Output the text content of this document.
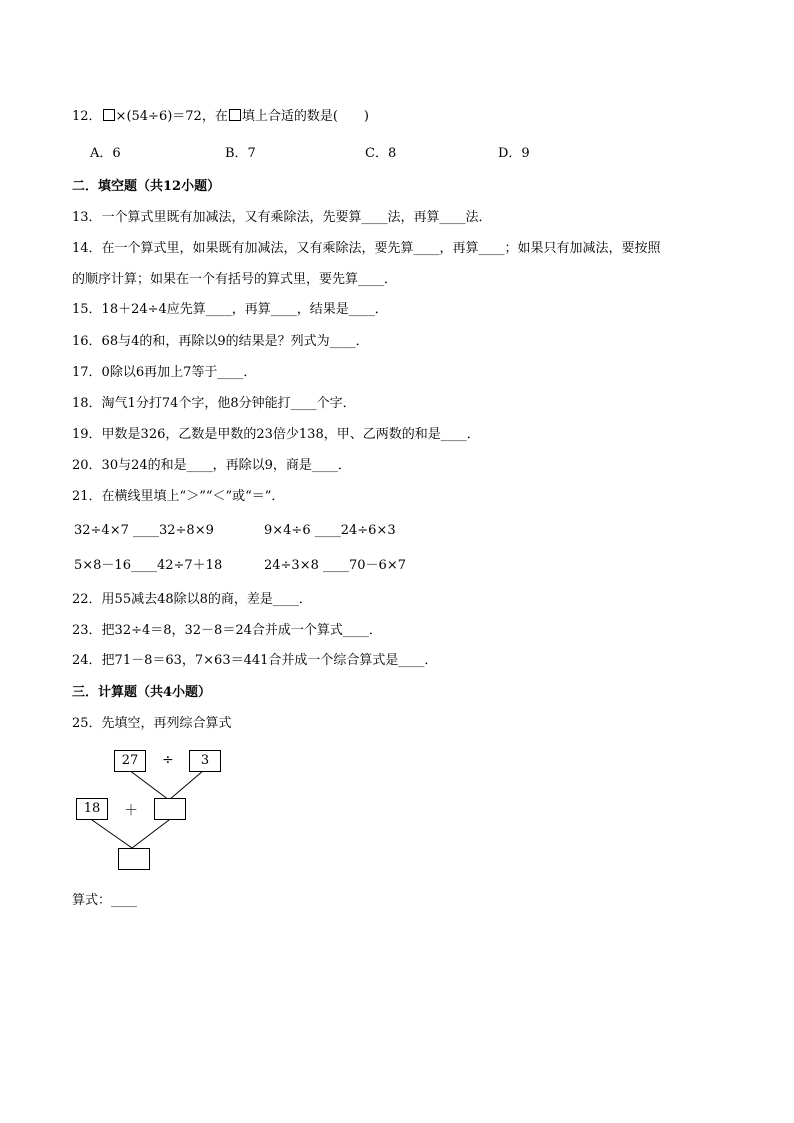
12． ×(54÷6)＝72，在 填上合适的数是(　　)
A．6	B．7	C．8	D．9
二．填空题（共12小题）
13．一个算式里既有加减法，又有乘除法，先要算____法，再算____法．
14．在一个算式里，如果既有加减法，又有乘除法，要先算____，再算____；如果只有加减法，要按照
的顺序计算；如果在一个有括号的算式里，要先算____．
15．18＋24÷4应先算____，再算____，结果是____．
16．68与4的和，再除以9的结果是？列式为____．
17．0除以6再加上7等于____．
18．淘气1分打74个字，他8分钟能打____个字．
19．甲数是326，乙数是甲数的23倍少138，甲、乙两数的和是____．
20．30与24的和是____，再除以9，商是____．
21．在横线里填上“＞”“＜”或“＝”．
32÷4×7 ____32÷8×9	9×4÷6 ____24÷6×3
5×8－16____42÷7＋18	24÷3×8 ____70－6×7
22．用55减去48除以8的商，差是____．
23．把32÷4＝8，32－8＝24合并成一个算式____．
24．把71－8＝63，7×63＝441合并成一个综合算式是____．
三．计算题（共4小题）
25．先填空，再列综合算式
27	÷	3
18	＋
算式：____
